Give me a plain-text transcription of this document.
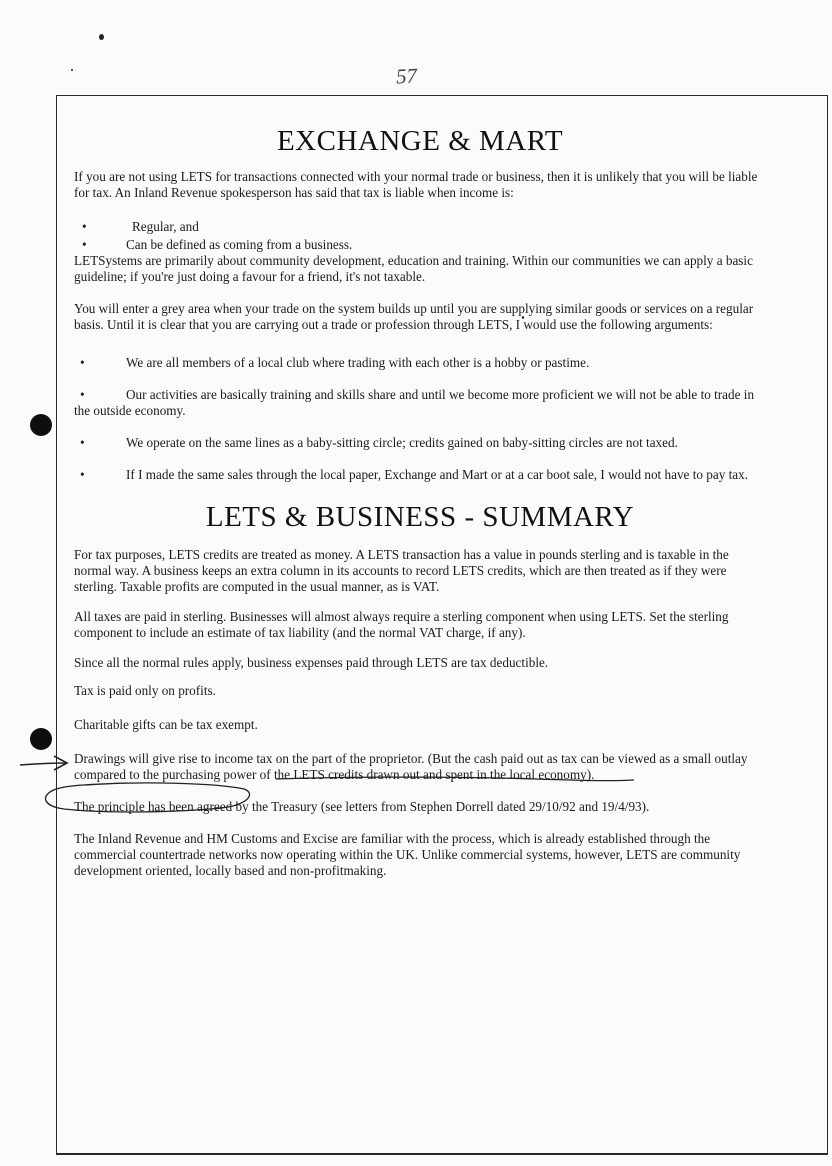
57
EXCHANGE & MART

If you are not using LETS for transactions connected with your normal trade or business, then it is unlikely that you will be liable for tax. An Inland Revenue spokesperson has said that tax is liable when income is:

•	Regular, and
•	Can be defined as coming from a business.

LETSystems are primarily about community development, education and training. Within our communities we can apply a basic guideline; if you're just doing a favour for a friend, it's not taxable.

You will enter a grey area when your trade on the system builds up until you are supplying similar goods or services on a regular basis. Until it is clear that you are carrying out a trade or profession through LETS, I would use the following arguments:

•	We are all members of a local club where trading with each other is a hobby or pastime.

•	Our activities are basically training and skills share and until we become more proficient we will not be able to trade in the outside economy.

•	We operate on the same lines as a baby-sitting circle; credits gained on baby-sitting circles are not taxed.

•	If I made the same sales through the local paper, Exchange and Mart or at a car boot sale, I would not have to pay tax.

LETS & BUSINESS - SUMMARY

For tax purposes, LETS credits are treated as money. A LETS transaction has a value in pounds sterling and is taxable in the normal way. A business keeps an extra column in its accounts to record LETS credits, which are then treated as if they were sterling. Taxable profits are computed in the usual manner, as is VAT.

All taxes are paid in sterling. Businesses will almost always require a sterling component when using LETS. Set the sterling component to include an estimate of tax liability (and the normal VAT charge, if any).

Since all the normal rules apply, business expenses paid through LETS are tax deductible.

Tax is paid only on profits.

Charitable gifts can be tax exempt.

Drawings will give rise to income tax on the part of the proprietor. (But the cash paid out as tax can be viewed as a small outlay compared to the purchasing power of the LETS credits drawn out and spent in the local economy).

The principle has been agreed by the Treasury (see letters from Stephen Dorrell dated 29/10/92 and 19/4/93).

The Inland Revenue and HM Customs and Excise are familiar with the process, which is already established through the commercial countertrade networks now operating within the UK. Unlike commercial systems, however, LETS are community development oriented, locally based and non-profitmaking.
